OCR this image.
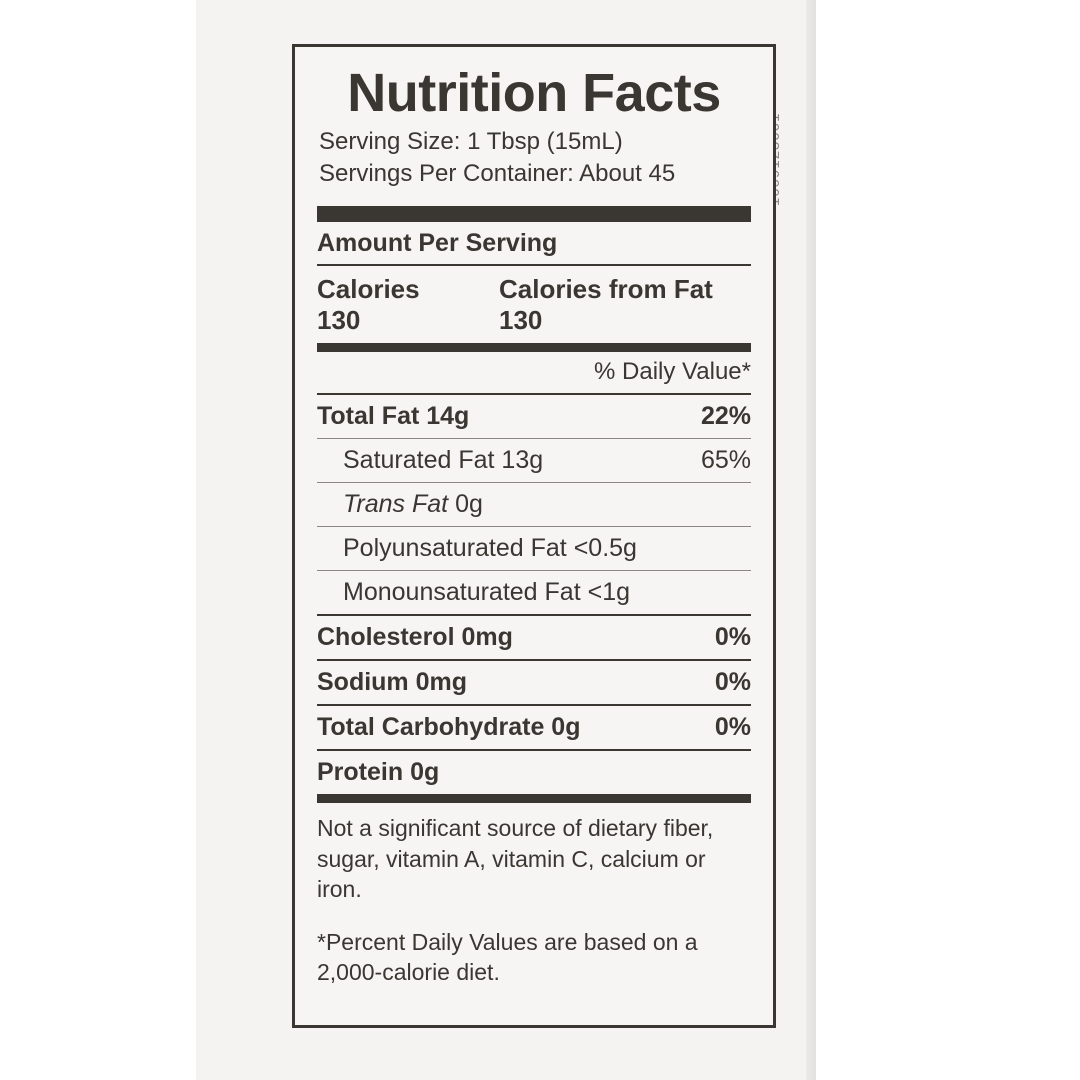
Nutrition Facts
Serving Size: 1 Tbsp (15mL)
Servings Per Container: About 45
Amount Per Serving
Calories 130
Calories from Fat 130
% Daily Value*
Total Fat 14g	22%
Saturated Fat 13g	65%
Trans Fat 0g
Polyunsaturated Fat <0.5g
Monounsaturated Fat <1g
Cholesterol 0mg	0%
Sodium 0mg	0%
Total Carbohydrate 0g	0%
Protein 0g
Not a significant source of dietary fiber,
sugar, vitamin A, vitamin C, calcium or iron.
*Percent Daily Values are based on a
2,000-calorie diet.
